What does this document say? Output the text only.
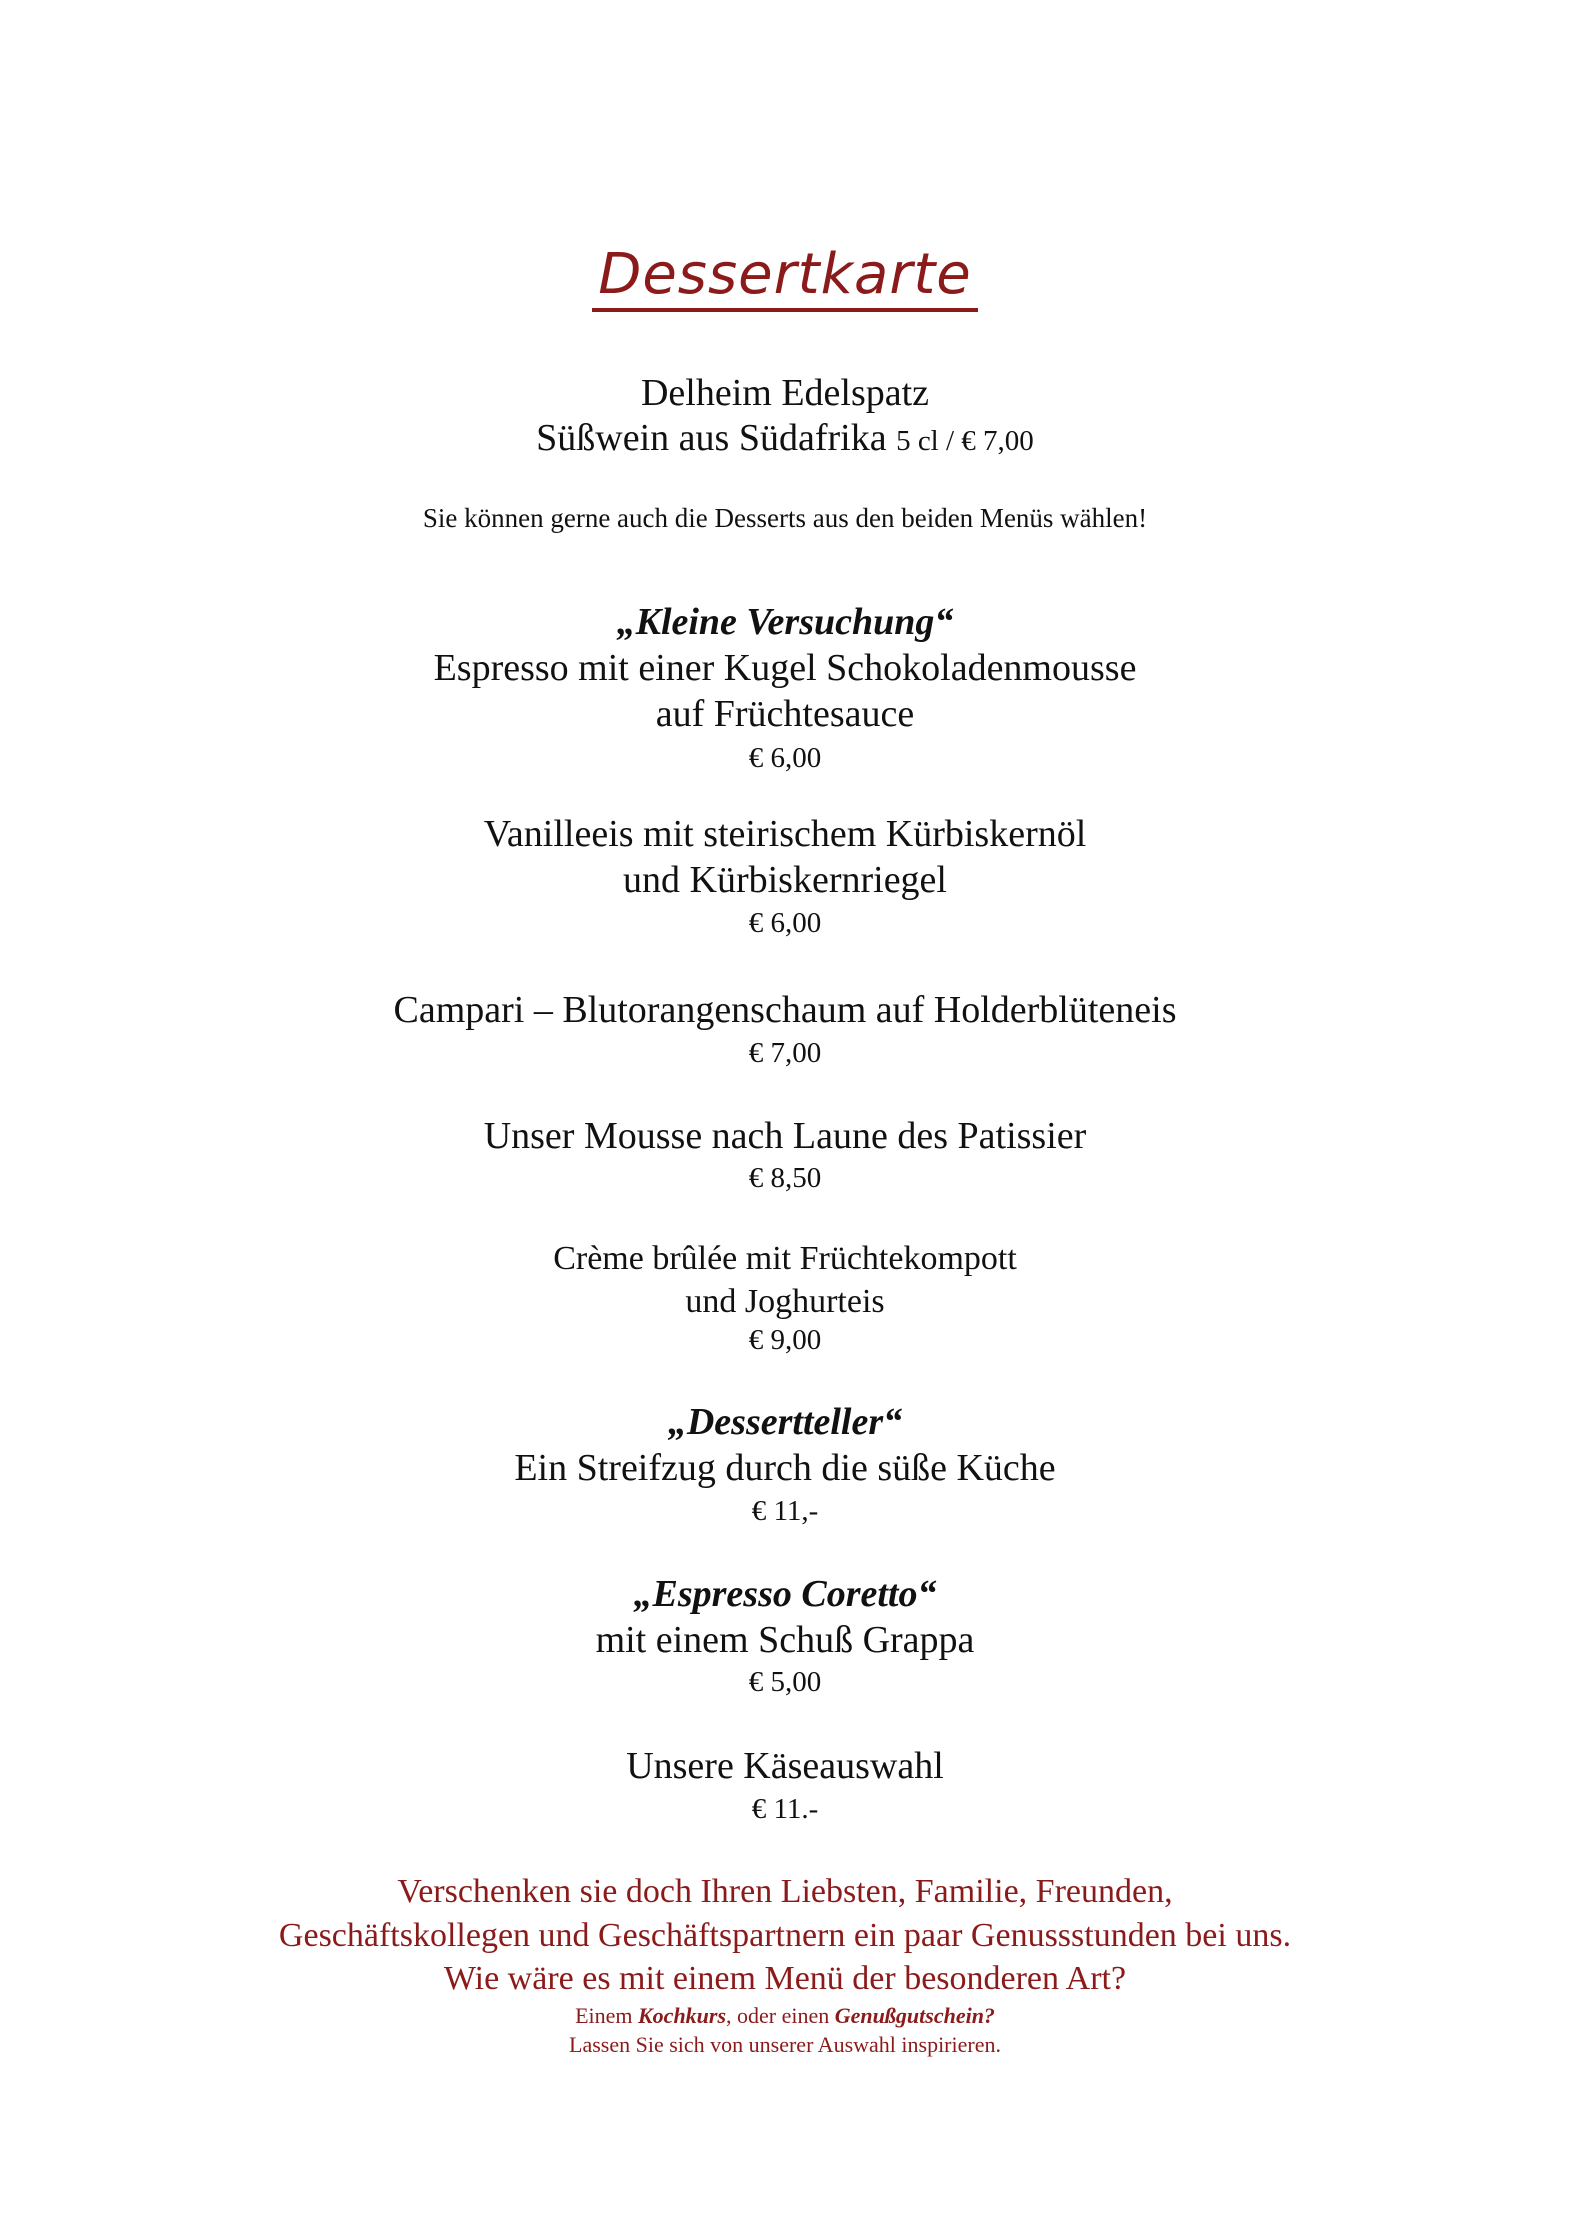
Dessertkarte
Delheim Edelspatz
Süßwein aus Südafrika 5 cl / € 7,00
Sie können gerne auch die Desserts aus den beiden Menüs wählen!
„Kleine Versuchung“
Espresso mit einer Kugel Schokoladenmousse
auf Früchtesauce
€ 6,00
Vanilleeis mit steirischem Kürbiskernöl
und Kürbiskernriegel
€ 6,00
Campari – Blutorangenschaum auf Holderblüteneis
€ 7,00
Unser Mousse nach Laune des Patissier
€ 8,50
Crème brûlée mit Früchtekompott
und Joghurteis
€ 9,00
„Dessertteller“
Ein Streifzug durch die süße Küche
€ 11,-
„Espresso Coretto“
mit einem Schuß Grappa
€ 5,00
Unsere Käseauswahl
€ 11.-
Verschenken sie doch Ihren Liebsten, Familie, Freunden,
Geschäftskollegen und Geschäftspartnern ein paar Genussstunden bei uns.
Wie wäre es mit einem Menü der besonderen Art?
Einem Kochkurs, oder einen Genußgutschein?
Lassen Sie sich von unserer Auswahl inspirieren.
